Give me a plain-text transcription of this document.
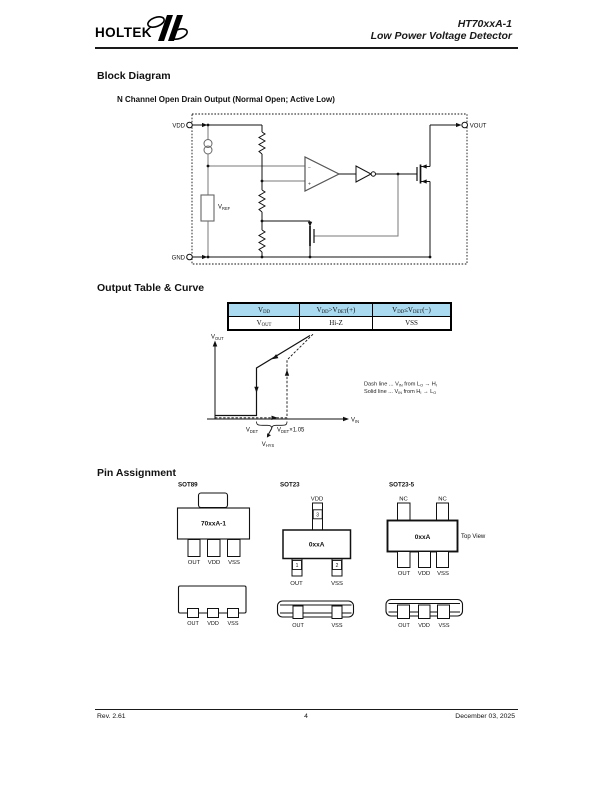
HOLTEK
HT70xxA-1
Low Power Voltage Detector
Block Diagram
N Channel Open Drain Output (Normal Open; Active Low)
Output Table & Curve
Pin Assignment
$V_{REF}$
−
+
VDD
GND
VOUT
VDD	VDD>VDET(+)	VDD≤VDET(−)
VOUT	Hi-Z	VSS
$V_{OUT}$
$V_{IN}$
$V_{DET}$	$V_{DET}\times 1.05$
$V_{HYS}$
Dash line ... $V_{IN}$ from $L_O \to H_I$
Solid line ... $V_{IN}$ from $H_I \to L_O$
SOT89
70xxA-1
OUT VDD VSS
SOT23
VDD
3
0xxA
1	2
OUT	VSS
SOT23-5
NC	NC
0xxA	Top View
OUT VDD VSS
OUT VDD VSS	OUT	VSS	OUT VDD VSS
Rev. 2.61	4	December 03, 2025
